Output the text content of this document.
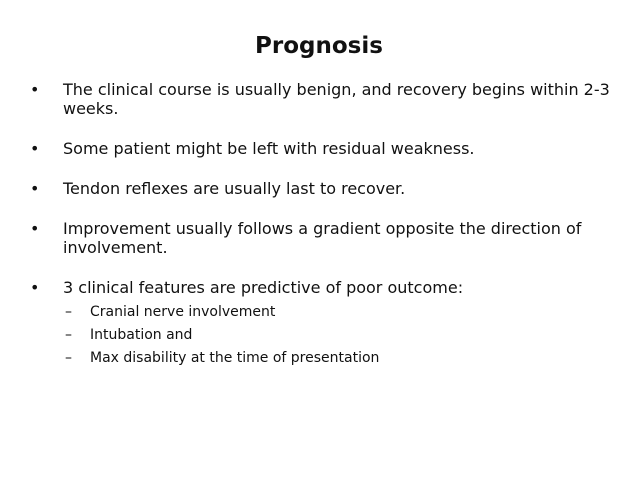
Prognosis
•	The clinical course is usually benign, and recovery begins within 2-3 weeks.
•	Some patient might be left with residual weakness.
•	Tendon reflexes are usually last to recover.
•	Improvement usually follows a gradient opposite the direction of involvement.
•	3 clinical features are predictive of poor outcome:
– Cranial nerve involvement
– Intubation and
– Max disability at the time of presentation
